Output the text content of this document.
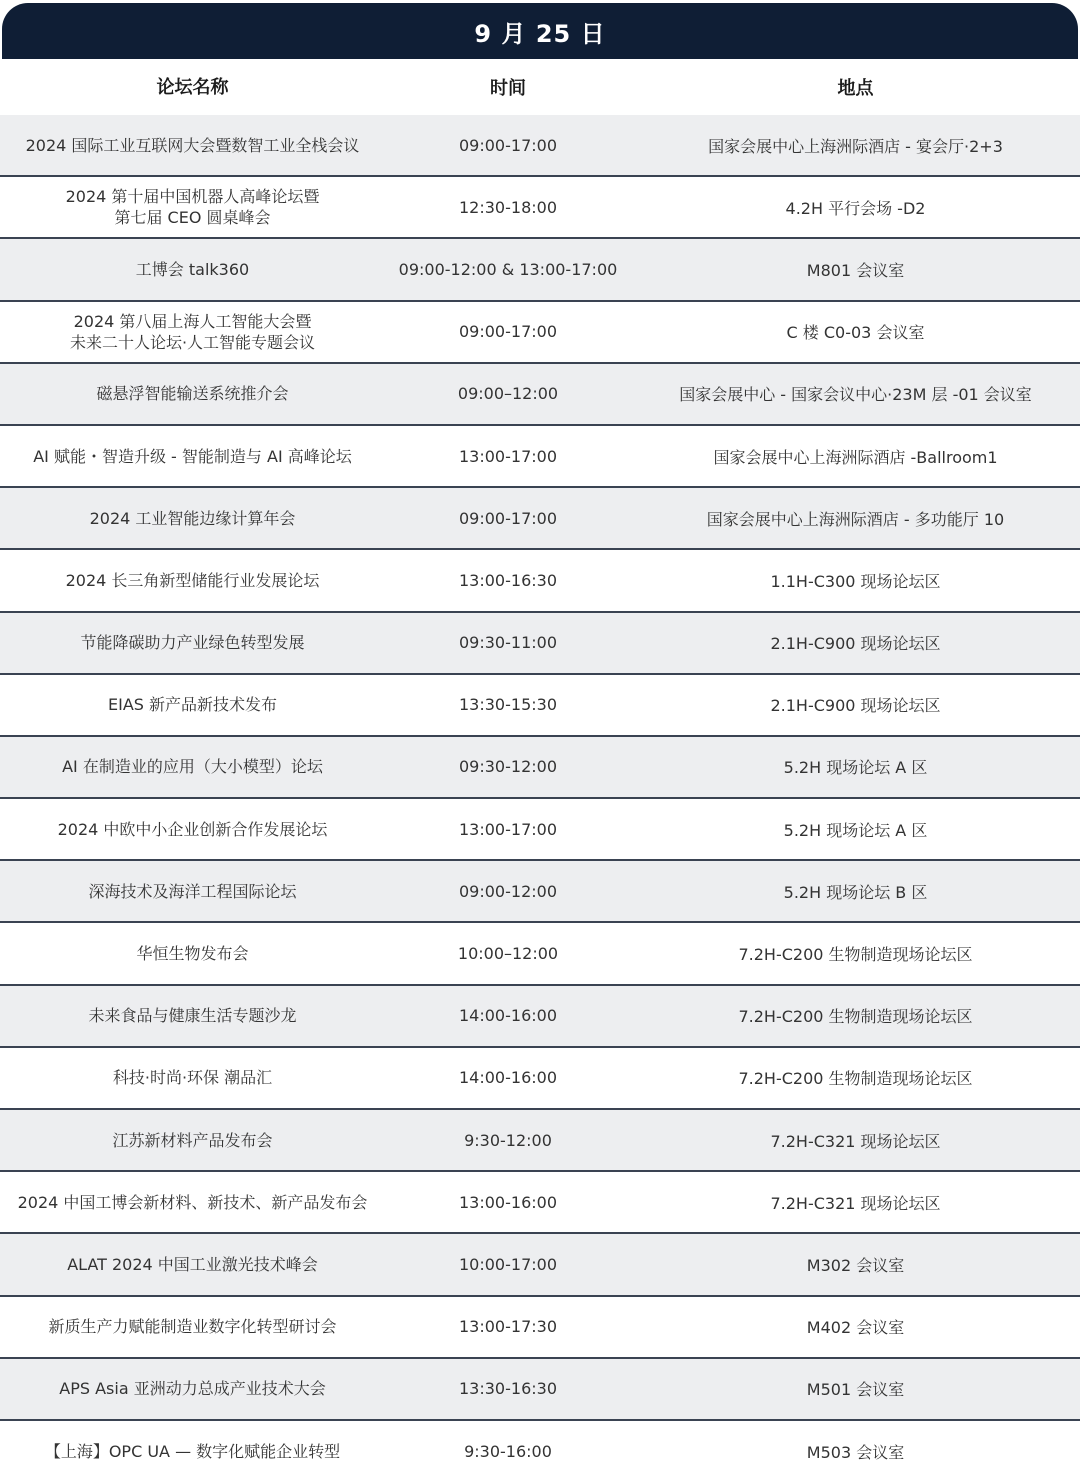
9 月 25 日
论坛名称	时间	地点
2024 国际工业互联网大会暨数智工业全栈会议	09:00-17:00	国家会展中心上海洲际酒店 - 宴会厅·2+3
2024 第十届中国机器人高峰论坛暨
第七届 CEO 圆桌峰会
12:30-18:00	4.2H 平行会场 -D2
工博会 talk360	09:00-12:00 & 13:00-17:00	M801 会议室
2024 第八届上海人工智能大会暨
未来二十人论坛·人工智能专题会议
09:00-17:00	C 楼 C0-03 会议室
磁悬浮智能输送系统推介会	09:00–12:00	国家会展中心 - 国家会议中心·23M 层 -01 会议室
AI 赋能・智造升级 - 智能制造与 AI 高峰论坛	13:00-17:00	国家会展中心上海洲际酒店 -Ballroom1
2024 工业智能边缘计算年会	09:00-17:00	国家会展中心上海洲际酒店 - 多功能厅 10
2024 长三角新型储能行业发展论坛	13:00-16:30	1.1H-C300 现场论坛区
节能降碳助力产业绿色转型发展	09:30-11:00	2.1H-C900 现场论坛区
EIAS 新产品新技术发布	13:30-15:30	2.1H-C900 现场论坛区
AI 在制造业的应用（大小模型）论坛	09:30-12:00	5.2H 现场论坛 A 区
2024 中欧中小企业创新合作发展论坛	13:00-17:00	5.2H 现场论坛 A 区
深海技术及海洋工程国际论坛	09:00-12:00	5.2H 现场论坛 B 区
华恒生物发布会	10:00–12:00	7.2H-C200 生物制造现场论坛区
未来食品与健康生活专题沙龙	14:00-16:00	7.2H-C200 生物制造现场论坛区
科技·时尚·环保 潮品汇	14:00-16:00	7.2H-C200 生物制造现场论坛区
江苏新材料产品发布会	9:30-12:00	7.2H-C321 现场论坛区
2024 中国工博会新材料、新技术、新产品发布会	13:00-16:00	7.2H-C321 现场论坛区
ALAT 2024 中国工业激光技术峰会	10:00-17:00	M302 会议室
新质生产力赋能制造业数字化转型研讨会	13:00-17:30	M402 会议室
APS Asia 亚洲动力总成产业技术大会	13:30-16:30	M501 会议室
【上海】OPC UA — 数字化赋能企业转型	9:30-16:00	M503 会议室
